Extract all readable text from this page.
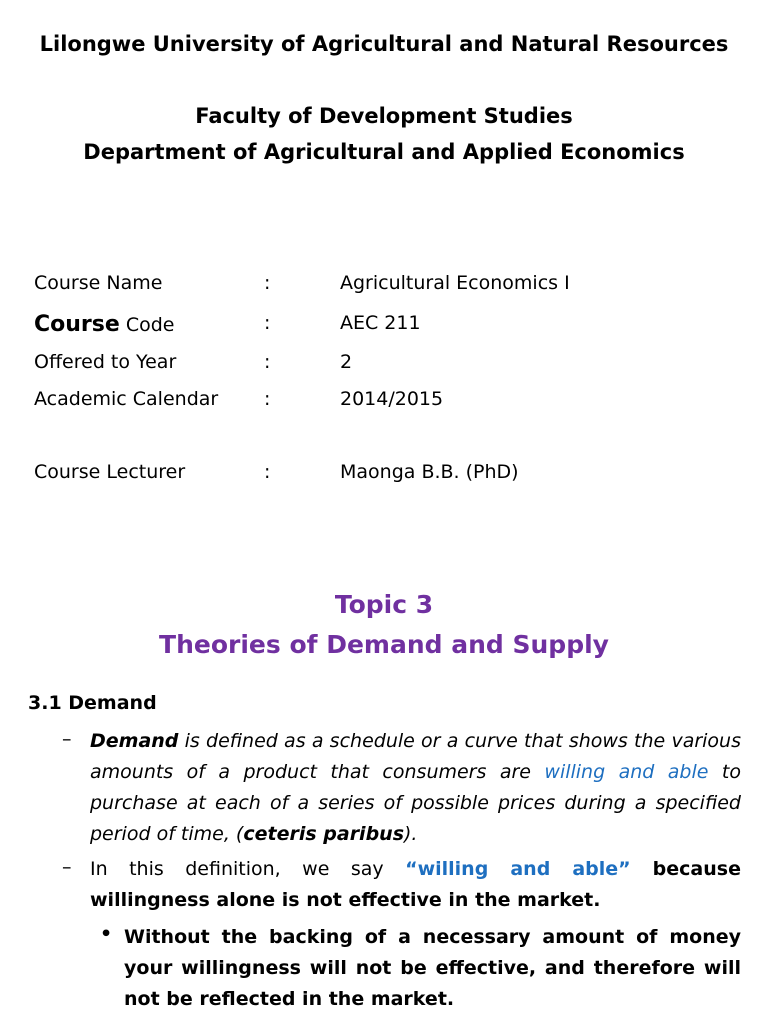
Lilongwe University of Agricultural and Natural Resources
Faculty of Development Studies
Department of Agricultural and Applied Economics
Course Name	:	Agricultural Economics I
Course Code	:	AEC 211
Offered to Year	:	2
Academic Calendar :	2014/2015
Course Lecturer	:	Maonga B.B. (PhD)
Topic 3
Theories of Demand and Supply
3.1 Demand
– Demand is defined as a schedule or a curve that shows the various amounts of a product that consumers are willing and able to purchase at each of a series of possible prices during a specified period of time, (ceteris paribus).
– In this definition, we say “willing and able” because willingness alone is not effective in the market.
• Without the backing of a necessary amount of money your willingness will not be effective, and therefore will not be reflected in the market.
